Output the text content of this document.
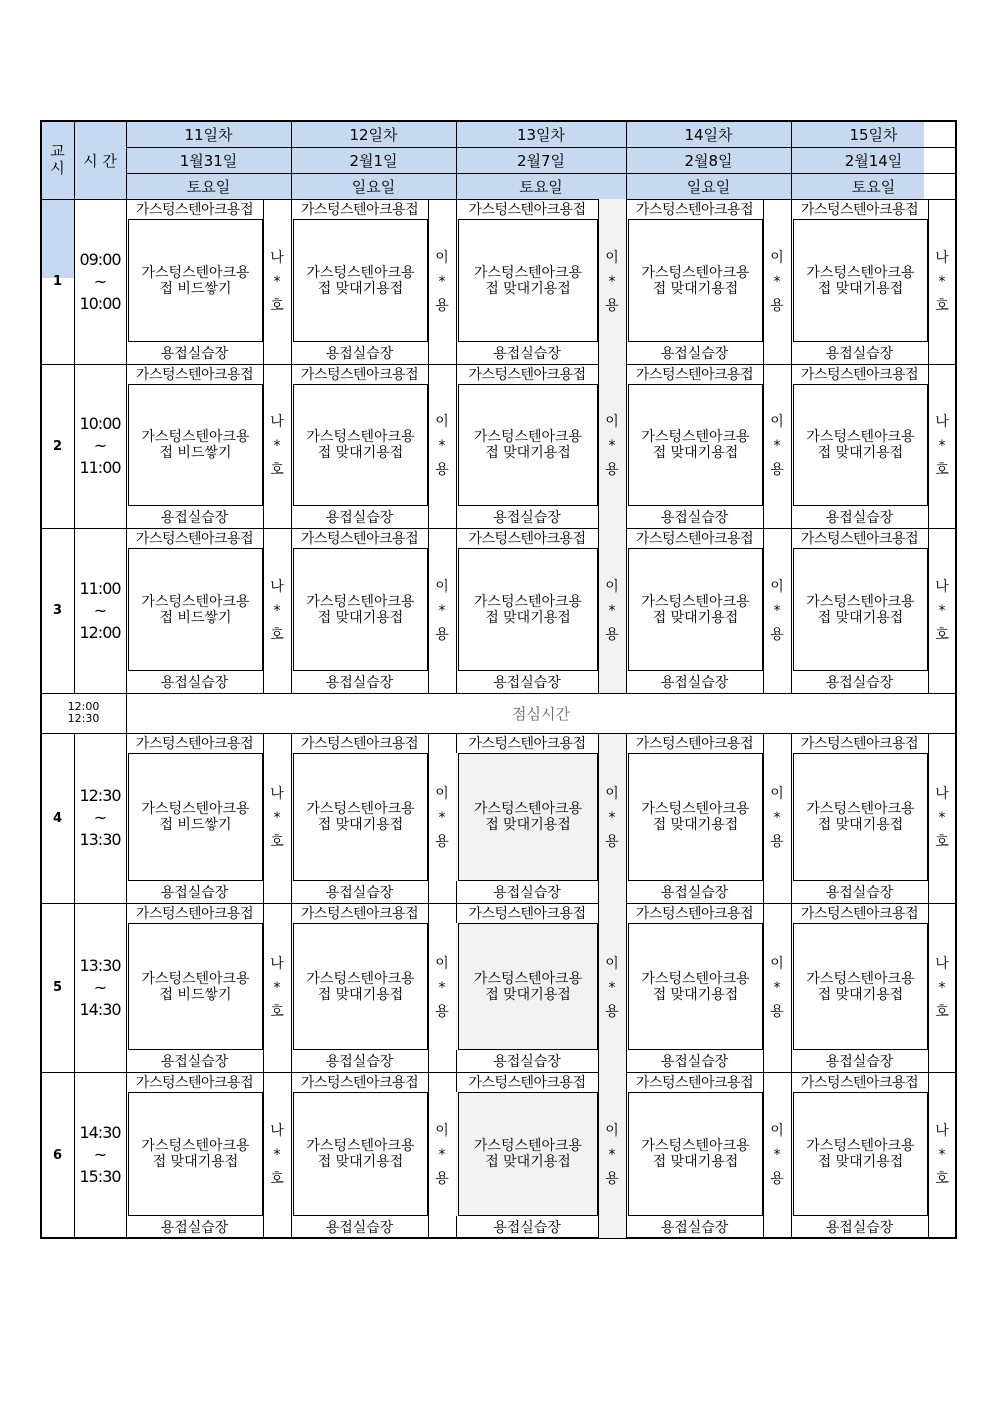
교
시	시 간
11일차
1월31일
토요일
12일차
2월1일
일요일
13일차
2월7일
토요일
14일차
2월8일
일요일
15일차
2월14일
토요일
1
09:00
~
10:00
가스텅스텐아크용접
가스텅스텐아크용
접 비드쌓기
용접실습장
나
*
호
가스텅스텐아크용접
가스텅스텐아크용
접 맞대기용접
용접실습장
이
*
용
가스텅스텐아크용접
가스텅스텐아크용
접 맞대기용접
용접실습장
이
*
용
가스텅스텐아크용접
가스텅스텐아크용
접 맞대기용접
용접실습장
이
*
용
가스텅스텐아크용접
가스텅스텐아크용
접 맞대기용접
용접실습장
나
*
호
2
10:00
~
11:00
가스텅스텐아크용접
가스텅스텐아크용
접 비드쌓기
용접실습장
나
*
호
가스텅스텐아크용접
가스텅스텐아크용
접 맞대기용접
용접실습장
이
*
용
가스텅스텐아크용접
가스텅스텐아크용
접 맞대기용접
용접실습장
이
*
용
가스텅스텐아크용접
가스텅스텐아크용
접 맞대기용접
용접실습장
이
*
용
가스텅스텐아크용접
가스텅스텐아크용
접 맞대기용접
용접실습장
나
*
호
3
11:00
~
12:00
가스텅스텐아크용접
가스텅스텐아크용
접 비드쌓기
용접실습장
나
*
호
가스텅스텐아크용접
가스텅스텐아크용
접 맞대기용접
용접실습장
이
*
용
가스텅스텐아크용접
가스텅스텐아크용
접 맞대기용접
용접실습장
이
*
용
가스텅스텐아크용접
가스텅스텐아크용
접 맞대기용접
용접실습장
이
*
용
가스텅스텐아크용접
가스텅스텐아크용
접 맞대기용접
용접실습장
나
*
호
4
12:30
~
13:30
가스텅스텐아크용접
가스텅스텐아크용
접 비드쌓기
용접실습장
나
*
호
가스텅스텐아크용접
가스텅스텐아크용
접 맞대기용접
용접실습장
이
*
용
가스텅스텐아크용접
가스텅스텐아크용
접 맞대기용접
용접실습장
이
*
용
가스텅스텐아크용접
가스텅스텐아크용
접 맞대기용접
용접실습장
이
*
용
가스텅스텐아크용접
가스텅스텐아크용
접 맞대기용접
용접실습장
나
*
호
5
13:30
~
14:30
가스텅스텐아크용접
가스텅스텐아크용
접 비드쌓기
용접실습장
나
*
호
가스텅스텐아크용접
가스텅스텐아크용
접 맞대기용접
용접실습장
이
*
용
가스텅스텐아크용접
가스텅스텐아크용
접 맞대기용접
용접실습장
이
*
용
가스텅스텐아크용접
가스텅스텐아크용
접 맞대기용접
용접실습장
이
*
용
가스텅스텐아크용접
가스텅스텐아크용
접 맞대기용접
용접실습장
나
*
호
6
14:30
~
15:30
가스텅스텐아크용접
가스텅스텐아크용
접 맞대기용접
용접실습장
나
*
호
가스텅스텐아크용접
가스텅스텐아크용
접 맞대기용접
용접실습장
이
*
용
가스텅스텐아크용접
가스텅스텐아크용
접 맞대기용접
용접실습장
이
*
용
가스텅스텐아크용접
가스텅스텐아크용
접 맞대기용접
용접실습장
이
*
용
가스텅스텐아크용접
가스텅스텐아크용
접 맞대기용접
용접실습장
나
*
호
12:00
12:30	점심시간
